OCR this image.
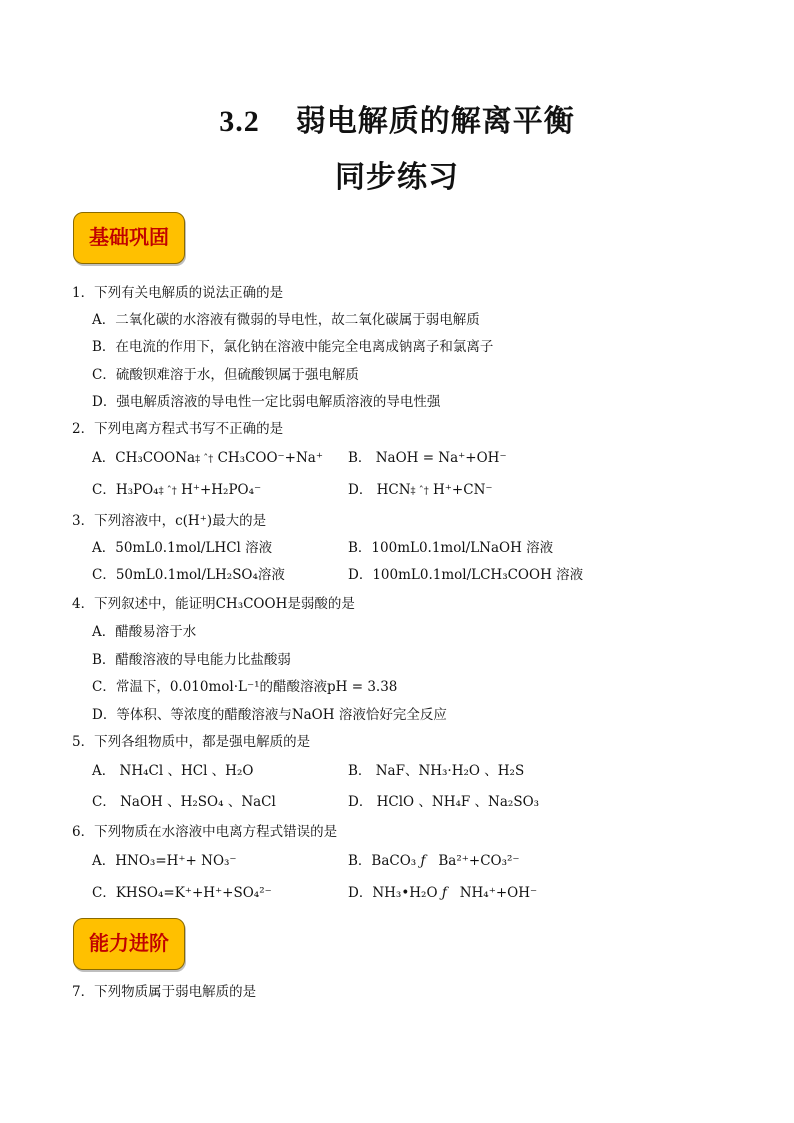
3.2 弱电解质的解离平衡
同步练习
基础巩固
1．下列有关电解质的说法正确的是
A．二氧化碳的水溶液有微弱的导电性，故二氧化碳属于弱电解质
B．在电流的作用下，氯化钠在溶液中能完全电离成钠离子和氯离子
C．硫酸钡难溶于水，但硫酸钡属于强电解质
D．强电解质溶液的导电性一定比弱电解质溶液的导电性强
2．下列电离方程式书写不正确的是
A．CH₃COONa‡ ˆ† CH₃COO⁻+Na⁺ B． NaOH = Na⁺+OH⁻
C．H₃PO₄‡ ˆ† H⁺+H₂PO₄⁻	D． HCN‡ ˆ† H⁺+CN⁻
3．下列溶液中，c(H⁺)最大的是
A．50mL0.1mol/LHCl 溶液	B．100mL0.1mol/LNaOH 溶液
C．50mL0.1mol/LH₂SO₄溶液	D．100mL0.1mol/LCH₃COOH 溶液
4．下列叙述中，能证明CH₃COOH是弱酸的是
A．醋酸易溶于水
B．醋酸溶液的导电能力比盐酸弱
C．常温下，0.010mol·L⁻¹的醋酸溶液pH = 3.38
D．等体积、等浓度的醋酸溶液与NaOH 溶液恰好完全反应
5．下列各组物质中，都是强电解质的是
A． NH₄Cl 、HCl 、H₂O	B． NaF、NH₃·H₂O 、H₂S
C． NaOH 、H₂SO₄ 、NaCl	D． HClO 、NH₄F 、Na₂SO₃
6．下列物质在水溶液中电离方程式错误的是
A．HNO₃=H⁺+ NO₃⁻	B．BaCO₃ ƒ Ba²⁺+CO₃²⁻
C．KHSO₄=K⁺+H⁺+SO₄²⁻	D．NH₃•H₂O ƒ NH₄⁺+OH⁻
能力进阶
7．下列物质属于弱电解质的是
